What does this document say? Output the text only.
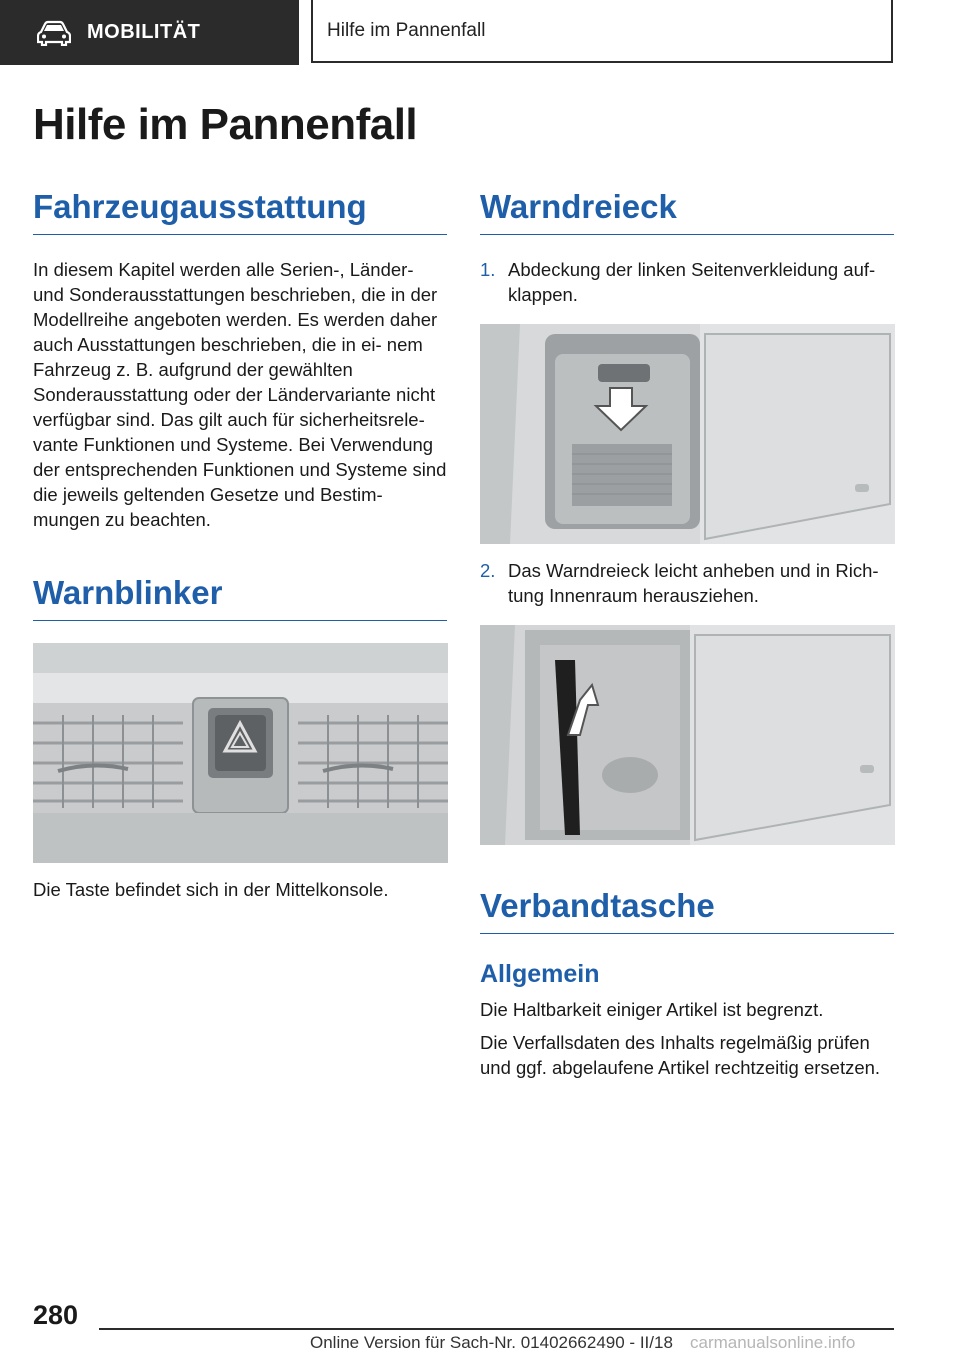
MOBILITÄT	Hilfe im Pannenfall
Hilfe im Pannenfall
Fahrzeugausstattung

In diesem Kapitel werden alle Serien-, Länder- und Sonderausstattungen beschrieben, die in der Modellreihe angeboten werden. Es werden daher auch Ausstattungen beschrieben, die in ei- nem Fahrzeug z. B. aufgrund der gewählten Sonderausstattung oder der Ländervariante nicht verfügbar sind. Das gilt auch für sicherheitsrele- vante Funktionen und Systeme. Bei Verwendung der entsprechenden Funktionen und Systeme sind die jeweils geltenden Gesetze und Bestim- mungen zu beachten.

Warnblinker

Die Taste befindet sich in der Mittelkonsole.

Warndreieck
1. Abdeckung der linken Seitenverkleidung auf- klappen.
2. Das Warndreieck leicht anheben und in Rich- tung Innenraum herausziehen.
Verbandtasche
Allgemein

Die Haltbarkeit einiger Artikel ist begrenzt.

Die Verfallsdaten des Inhalts regelmäßig prüfen und ggf. abgelaufene Artikel rechtzeitig ersetzen.

280
Online Version für Sach-Nr. 01402662490 - II/18 carmanualsonline.info
